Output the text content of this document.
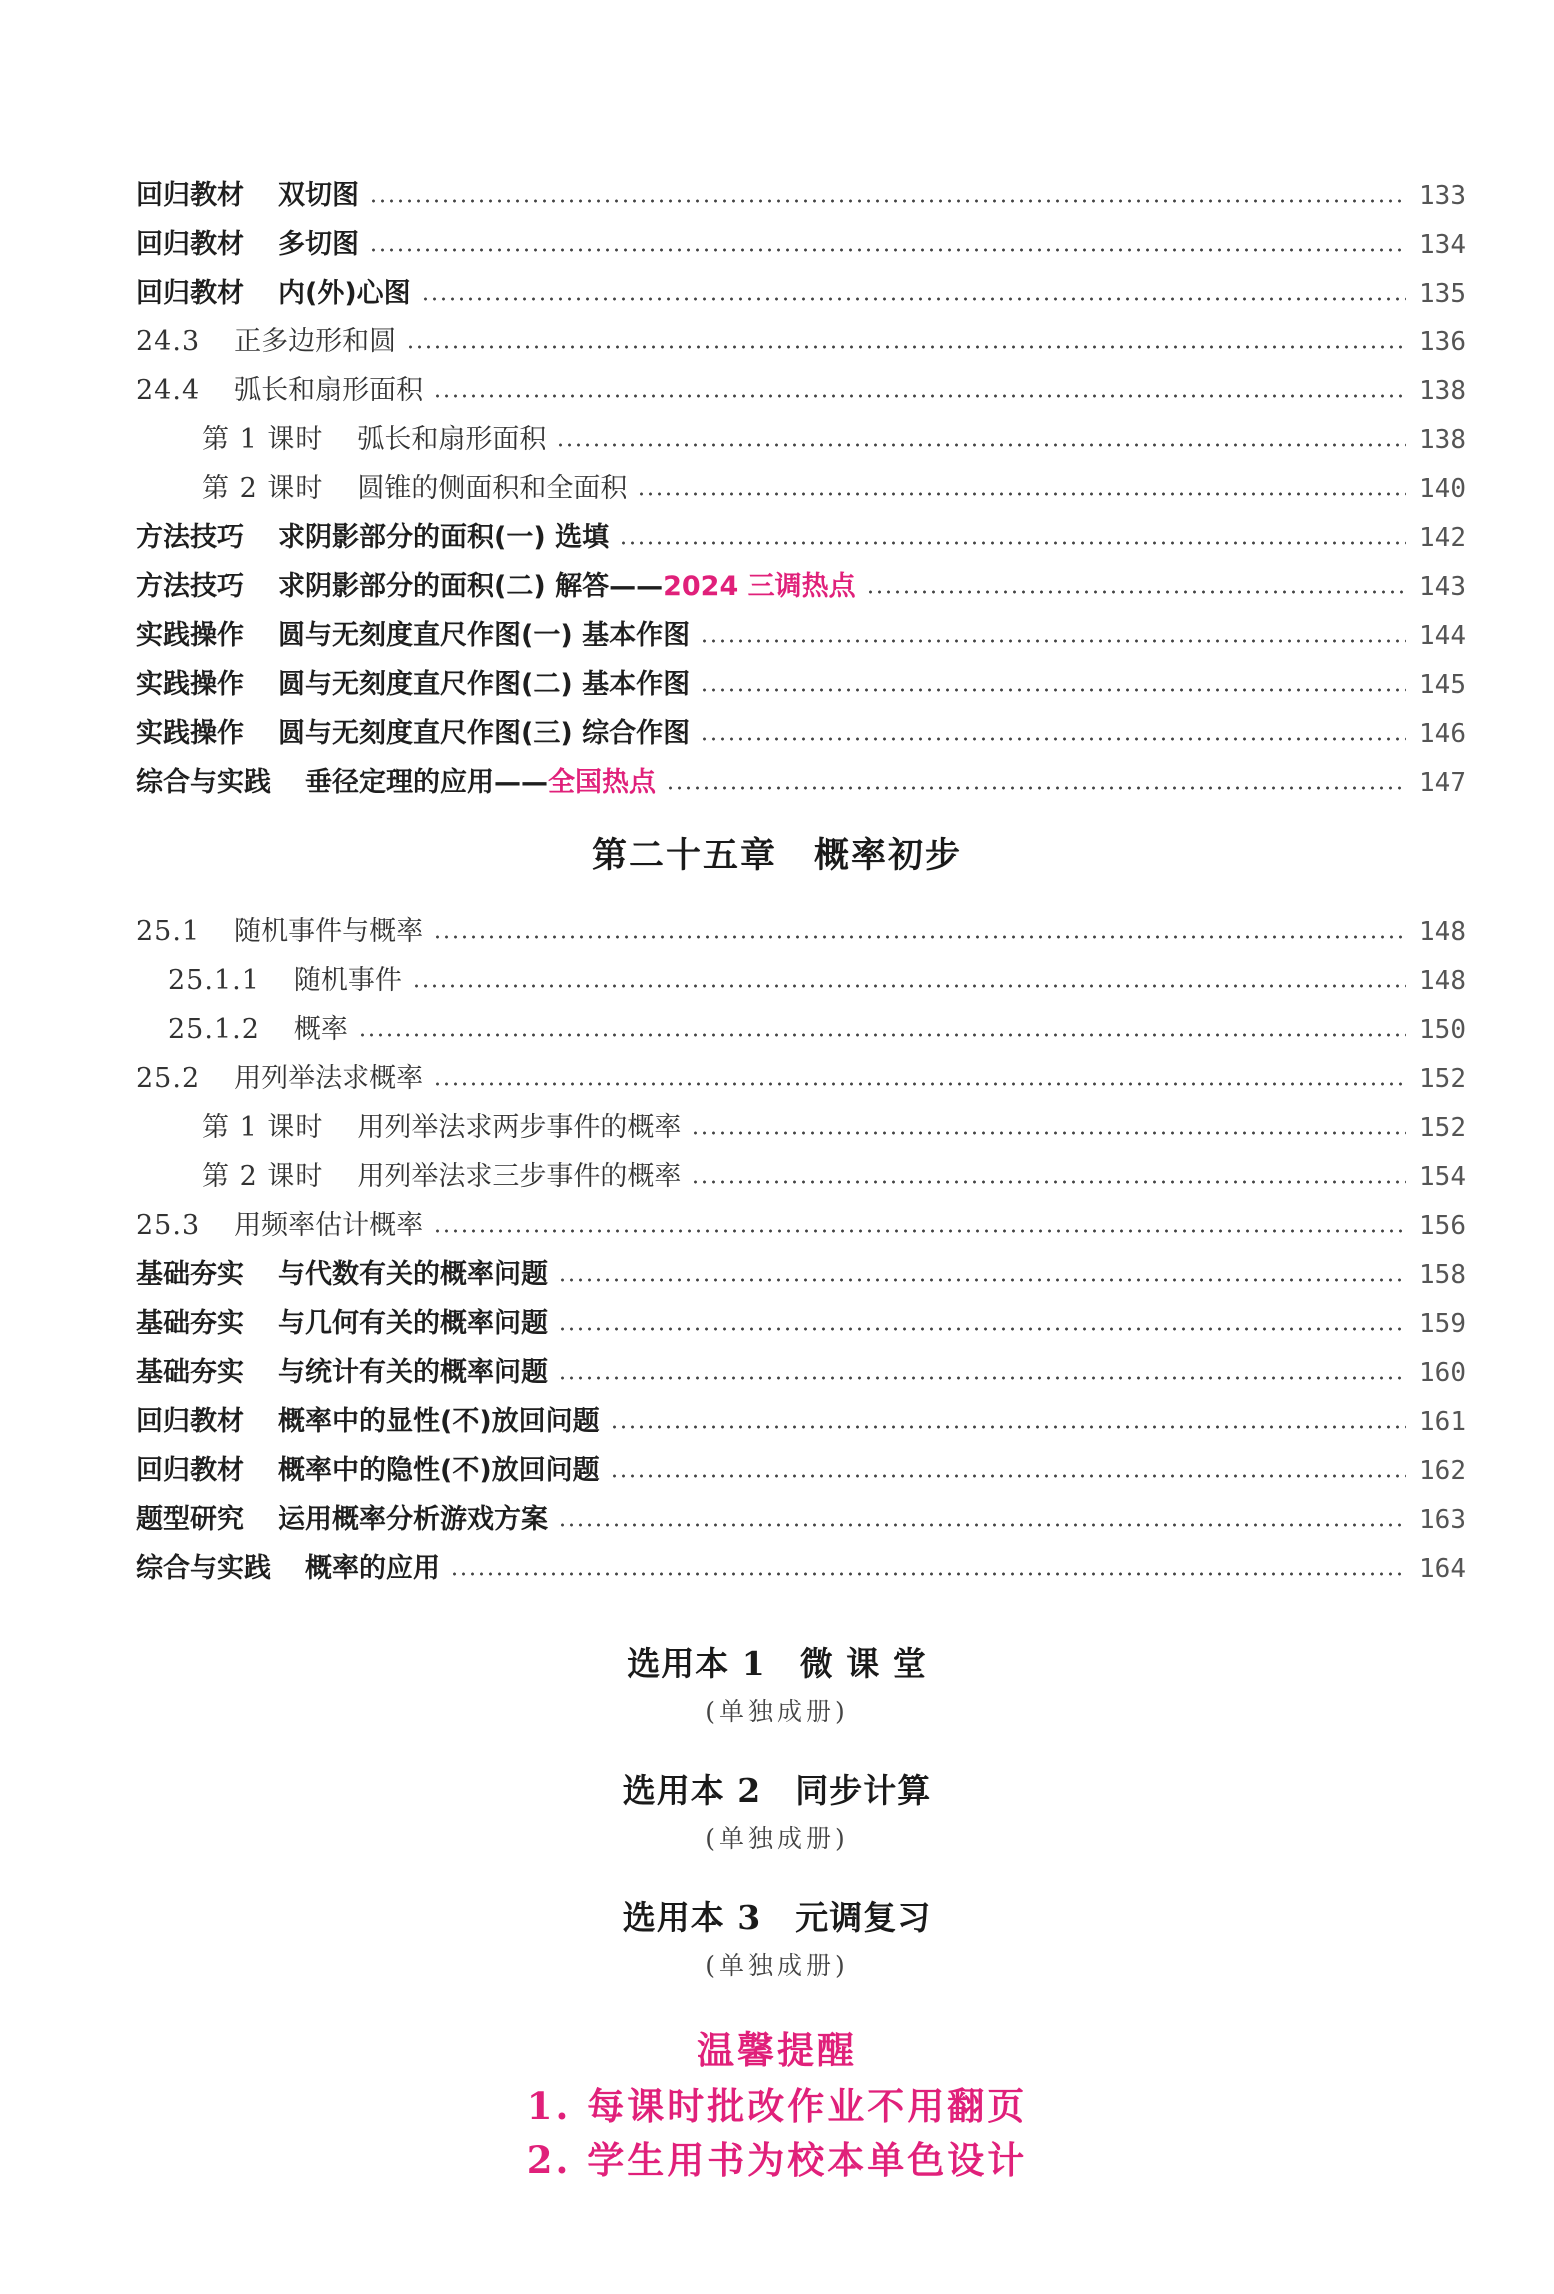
回归教材 双切图	133
回归教材 多切图	134
回归教材 内(外)心图	135
24.3 正多边形和圆	136
24.4 弧长和扇形面积	138
第 1 课时 弧长和扇形面积	138
第 2 课时 圆锥的侧面积和全面积	140
方法技巧 求阴影部分的面积(一) 选填	142
方法技巧 求阴影部分的面积(二) 解答—— 2024 三调热点	143
实践操作 圆与无刻度直尺作图(一) 基本作图	144
实践操作 圆与无刻度直尺作图(二) 基本作图	145
实践操作 圆与无刻度直尺作图(三) 综合作图	146
综合与实践 垂径定理的应用—— 全国热点	147
第二十五章　概率初步
25.1 随机事件与概率	148
25.1.1 随机事件	148
25.1.2 概率	150
25.2 用列举法求概率	152
第 1 课时 用列举法求两步事件的概率	152
第 2 课时 用列举法求三步事件的概率	154
25.3 用频率估计概率	156
基础夯实 与代数有关的概率问题	158
基础夯实 与几何有关的概率问题	159
基础夯实 与统计有关的概率问题	160
回归教材 概率中的显性(不)放回问题	161
回归教材 概率中的隐性(不)放回问题	162
题型研究 运用概率分析游戏方案	163
综合与实践 概率的应用	164
选用本 1　微 课 堂
(单独成册)
选用本 2　同步计算
(单独成册)
选用本 3　元调复习
(单独成册)
温馨提醒
1. 每课时批改作业不用翻页
2. 学生用书为校本单色设计
